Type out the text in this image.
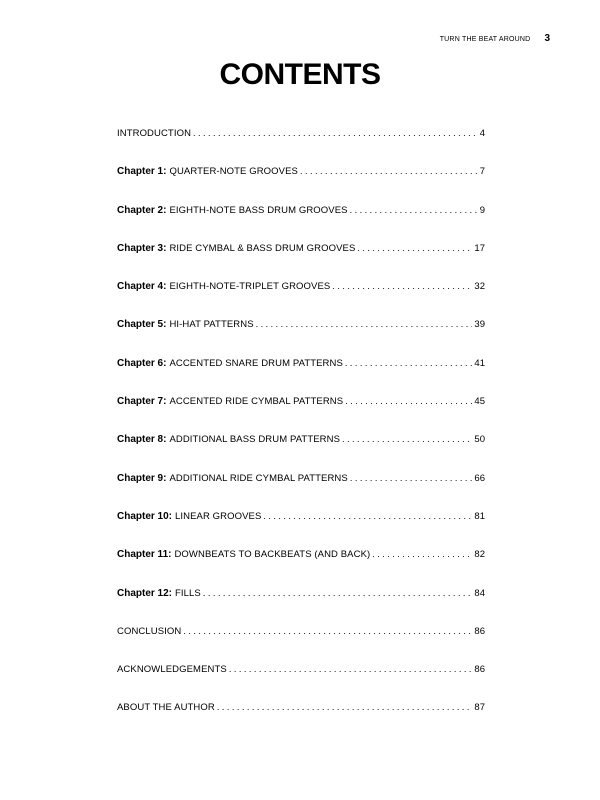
TURN THE BEAT AROUND 3
CONTENTS
INTRODUCTION . . .	4
Chapter 1: QUARTER-NOTE GROOVES . . .	7
Chapter 2: EIGHTH-NOTE BASS DRUM GROOVES . . .	9
Chapter 3: RIDE CYMBAL & BASS DRUM GROOVES . . .	17
Chapter 4: EIGHTH-NOTE-TRIPLET GROOVES . . .	32
Chapter 5: HI-HAT PATTERNS . . .	39
Chapter 6: ACCENTED SNARE DRUM PATTERNS . . .	41
Chapter 7: ACCENTED RIDE CYMBAL PATTERNS . . .	45
Chapter 8: ADDITIONAL BASS DRUM PATTERNS . . .	50
Chapter 9: ADDITIONAL RIDE CYMBAL PATTERNS . . .	66
Chapter 10: LINEAR GROOVES . . .	81
Chapter 11: DOWNBEATS TO BACKBEATS (AND BACK) . . .	82
Chapter 12: FILLS . . .	84
CONCLUSION . . .	86
ACKNOWLEDGEMENTS . . .	86
ABOUT THE AUTHOR . . .	87
